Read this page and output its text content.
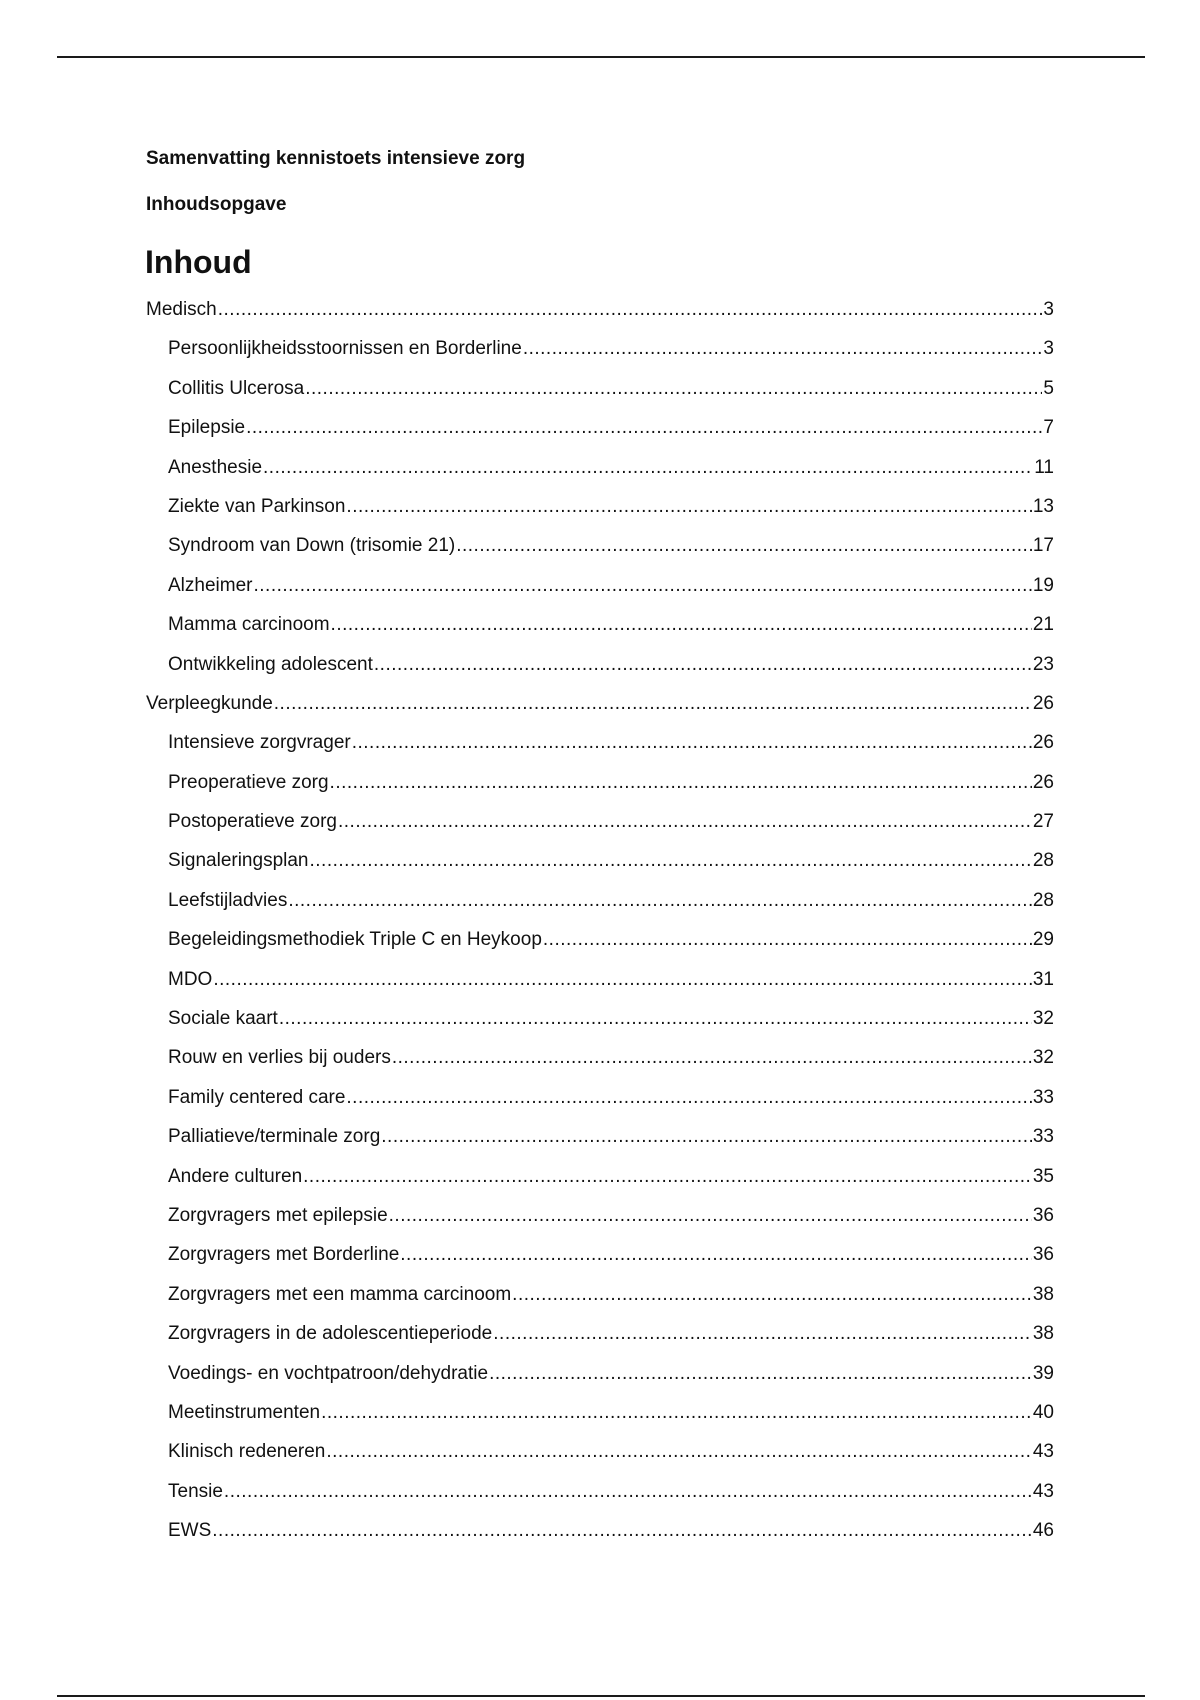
Samenvatting kennistoets intensieve zorg
Inhoudsopgave
Inhoud
Medisch .....	3
Persoonlijkheidsstoornissen en Borderline .....	3
Collitis Ulcerosa .....	5
Epilepsie .....	7
Anesthesie .....	11
Ziekte van Parkinson .....	13
Syndroom van Down (trisomie 21) .....	17
Alzheimer .....	19
Mamma carcinoom .....	21
Ontwikkeling adolescent .....	23
Verpleegkunde .....	26
Intensieve zorgvrager .....	26
Preoperatieve zorg .....	26
Postoperatieve zorg .....	27
Signaleringsplan .....	28
Leefstijladvies .....	28
Begeleidingsmethodiek Triple C en Heykoop .....	29
MDO .....	31
Sociale kaart .....	32
Rouw en verlies bij ouders .....	32
Family centered care .....	33
Palliatieve/terminale zorg .....	33
Andere culturen .....	35
Zorgvragers met epilepsie .....	36
Zorgvragers met Borderline .....	36
Zorgvragers met een mamma carcinoom .....	38
Zorgvragers in de adolescentieperiode .....	38
Voedings- en vochtpatroon/dehydratie .....	39
Meetinstrumenten .....	40
Klinisch redeneren .....	43
Tensie .....	43
EWS .....	46
